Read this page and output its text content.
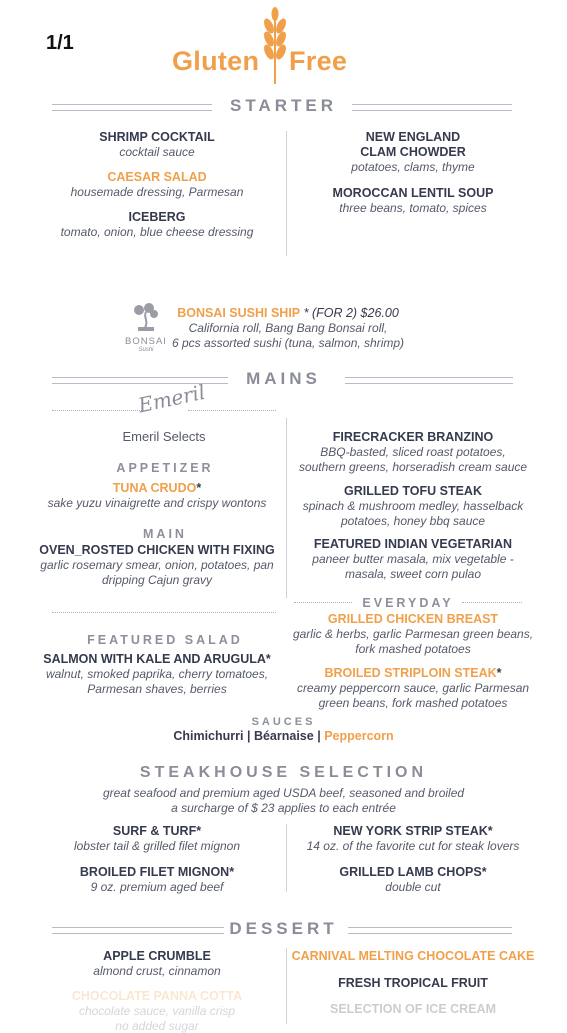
1/1
Gluten Free
STARTER
SHRIMP COCKTAIL
cocktail sauce
CAESAR SALAD
housemade dressing, Parmesan
ICEBERG
tomato, onion, blue cheese dressing
NEW ENGLAND
CLAM CHOWDER
potatoes, clams, thyme
MOROCCAN LENTIL SOUP
three beans, tomato, spices
BONSAI
Sushi
BONSAI SUSHI SHIP * (FOR 2) $26.00
California roll, Bang Bang Bonsai roll,
6 pcs assorted sushi (tuna, salmon, shrimp)
MAINS
Emeril
Emeril Selects
APPETIZER
TUNA CRUDO*
sake yuzu vinaigrette and crispy wontons
MAIN
OVEN_ROSTED CHICKEN WITH FIXING
garlic rosemary smear, onion, potatoes, pan
dripping Cajun gravy
FEATURED SALAD
SALMON WITH KALE AND ARUGULA*
walnut, smoked paprika, cherry tomatoes,
Parmesan shaves, berries
FIRECRACKER BRANZINO
BBQ-basted, sliced roast potatoes,
southern greens, horseradish cream sauce
GRILLED TOFU STEAK
spinach & mushroom medley, hasselback
potatoes, honey bbq sauce
FEATURED INDIAN VEGETARIAN
paneer butter masala, mix vegetable -
masala, sweet corn pulao
EVERYDAY
GRILLED CHICKEN BREAST
garlic & herbs, garlic Parmesan green beans,
fork mashed potatoes
BROILED STRIPLOIN STEAK*
creamy peppercorn sauce, garlic Parmesan
green beans, fork mashed potatoes
SAUCES
Chimichurri | Béarnaise | Peppercorn
STEAKHOUSE SELECTION
great seafood and premium aged USDA beef, seasoned and broiled
a surcharge of $ 23 applies to each entrée
SURF & TURF*
lobster tail & grilled filet mignon
BROILED FILET MIGNON*
9 oz. premium aged beef
NEW YORK STRIP STEAK*
14 oz. of the favorite cut for steak lovers
GRILLED LAMB CHOPS*
double cut
DESSERT
APPLE CRUMBLE
almond crust, cinnamon
CHOCOLATE PANNA COTTA
chocolate sauce, vanilla crisp
no added sugar
CARNIVAL MELTING CHOCOLATE CAKE
FRESH TROPICAL FRUIT
SELECTION OF ICE CREAM
